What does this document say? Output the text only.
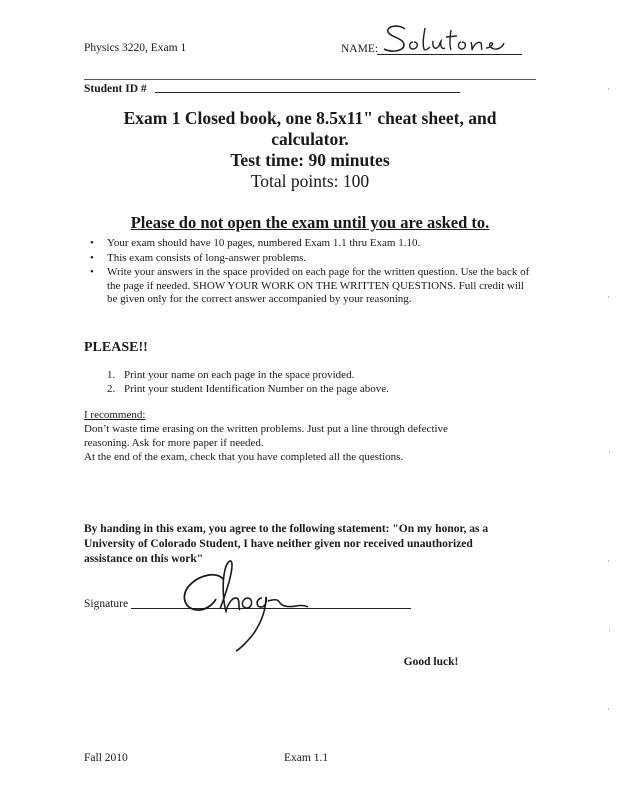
Physics 3220, Exam 1	NAME:
Student ID #
Exam 1 Closed book, one 8.5x11" cheat sheet, and
calculator.
Test time: 90 minutes
Total points: 100
Please do not open the exam until you are asked to.
• Your exam should have 10 pages, numbered Exam 1.1 thru Exam 1.10.
• This exam consists of long-answer problems.
• Write your answers in the space provided on each page for the written question. Use the back of the page if needed. SHOW YOUR WORK ON THE WRITTEN QUESTIONS. Full credit will be given only for the correct answer accompanied by your reasoning.
PLEASE!!
1. Print your name on each page in the space provided.
2. Print your student Identification Number on the page above.
I recommend:
Don’t waste time erasing on the written problems. Just put a line through defective
reasoning. Ask for more paper if needed.
At the end of the exam, check that you have completed all the questions.
By handing in this exam, you agree to the following statement: "On my honor, as a
University of Colorado Student, I have neither given nor received unauthorized
assistance on this work"
Signature
Good luck!
Fall 2010	Exam 1.1
